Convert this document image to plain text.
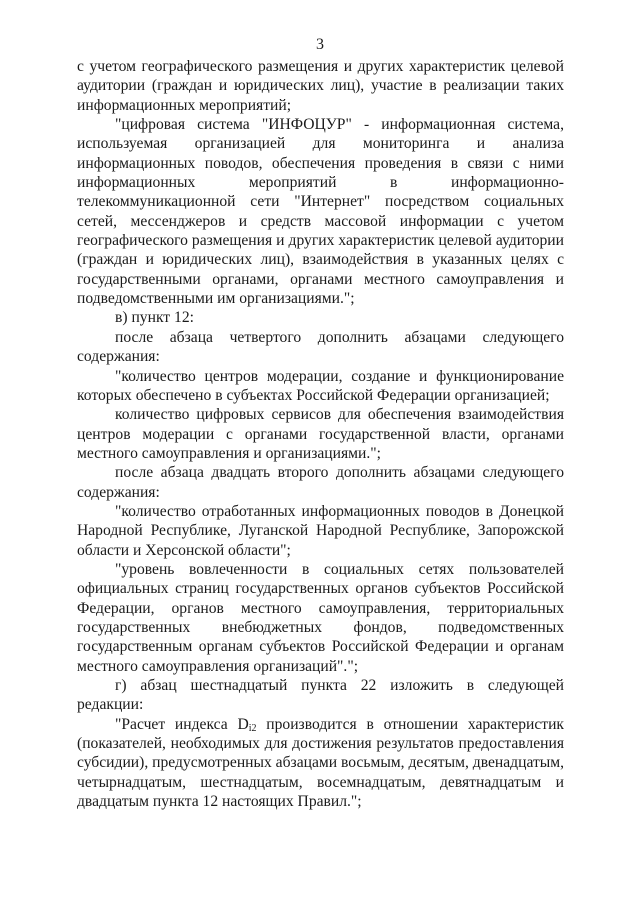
3

с учетом географического размещения и других характеристик целевой аудитории (граждан и юридических лиц), участие в реализации таких информационных мероприятий;

"цифровая система "ИНФОЦУР" - информационная система, используемая организацией для мониторинга и анализа информационных поводов, обеспечения проведения в связи с ними информационных мероприятий в информационно-телекоммуникационной сети "Интернет" посредством социальных сетей, мессенджеров и средств массовой информации с учетом географического размещения и других характеристик целевой аудитории (граждан и юридических лиц), взаимодействия в указанных целях с государственными органами, органами местного самоуправления и подведомственными им организациями.";

в) пункт 12:

после абзаца четвертого дополнить абзацами следующего содержания:

"количество центров модерации, создание и функционирование которых обеспечено в субъектах Российской Федерации организацией;

количество цифровых сервисов для обеспечения взаимодействия центров модерации с органами государственной власти, органами местного самоуправления и организациями.";

после абзаца двадцать второго дополнить абзацами следующего содержания:

"количество отработанных информационных поводов в Донецкой Народной Республике, Луганской Народной Республике, Запорожской области и Херсонской области";

"уровень вовлеченности в социальных сетях пользователей официальных страниц государственных органов субъектов Российской Федерации, органов местного самоуправления, территориальных государственных внебюджетных фондов, подведомственных государственным органам субъектов Российской Федерации и органам местного самоуправления организаций".";

г) абзац шестнадцатый пункта 22 изложить в следующей редакции:

"Расчет индекса $D_{i2}$ производится в отношении характеристик (показателей, необходимых для достижения результатов предоставления субсидии), предусмотренных абзацами восьмым, десятым, двенадцатым, четырнадцатым, шестнадцатым, восемнадцатым, девятнадцатым и двадцатым пункта 12 настоящих Правил.";
